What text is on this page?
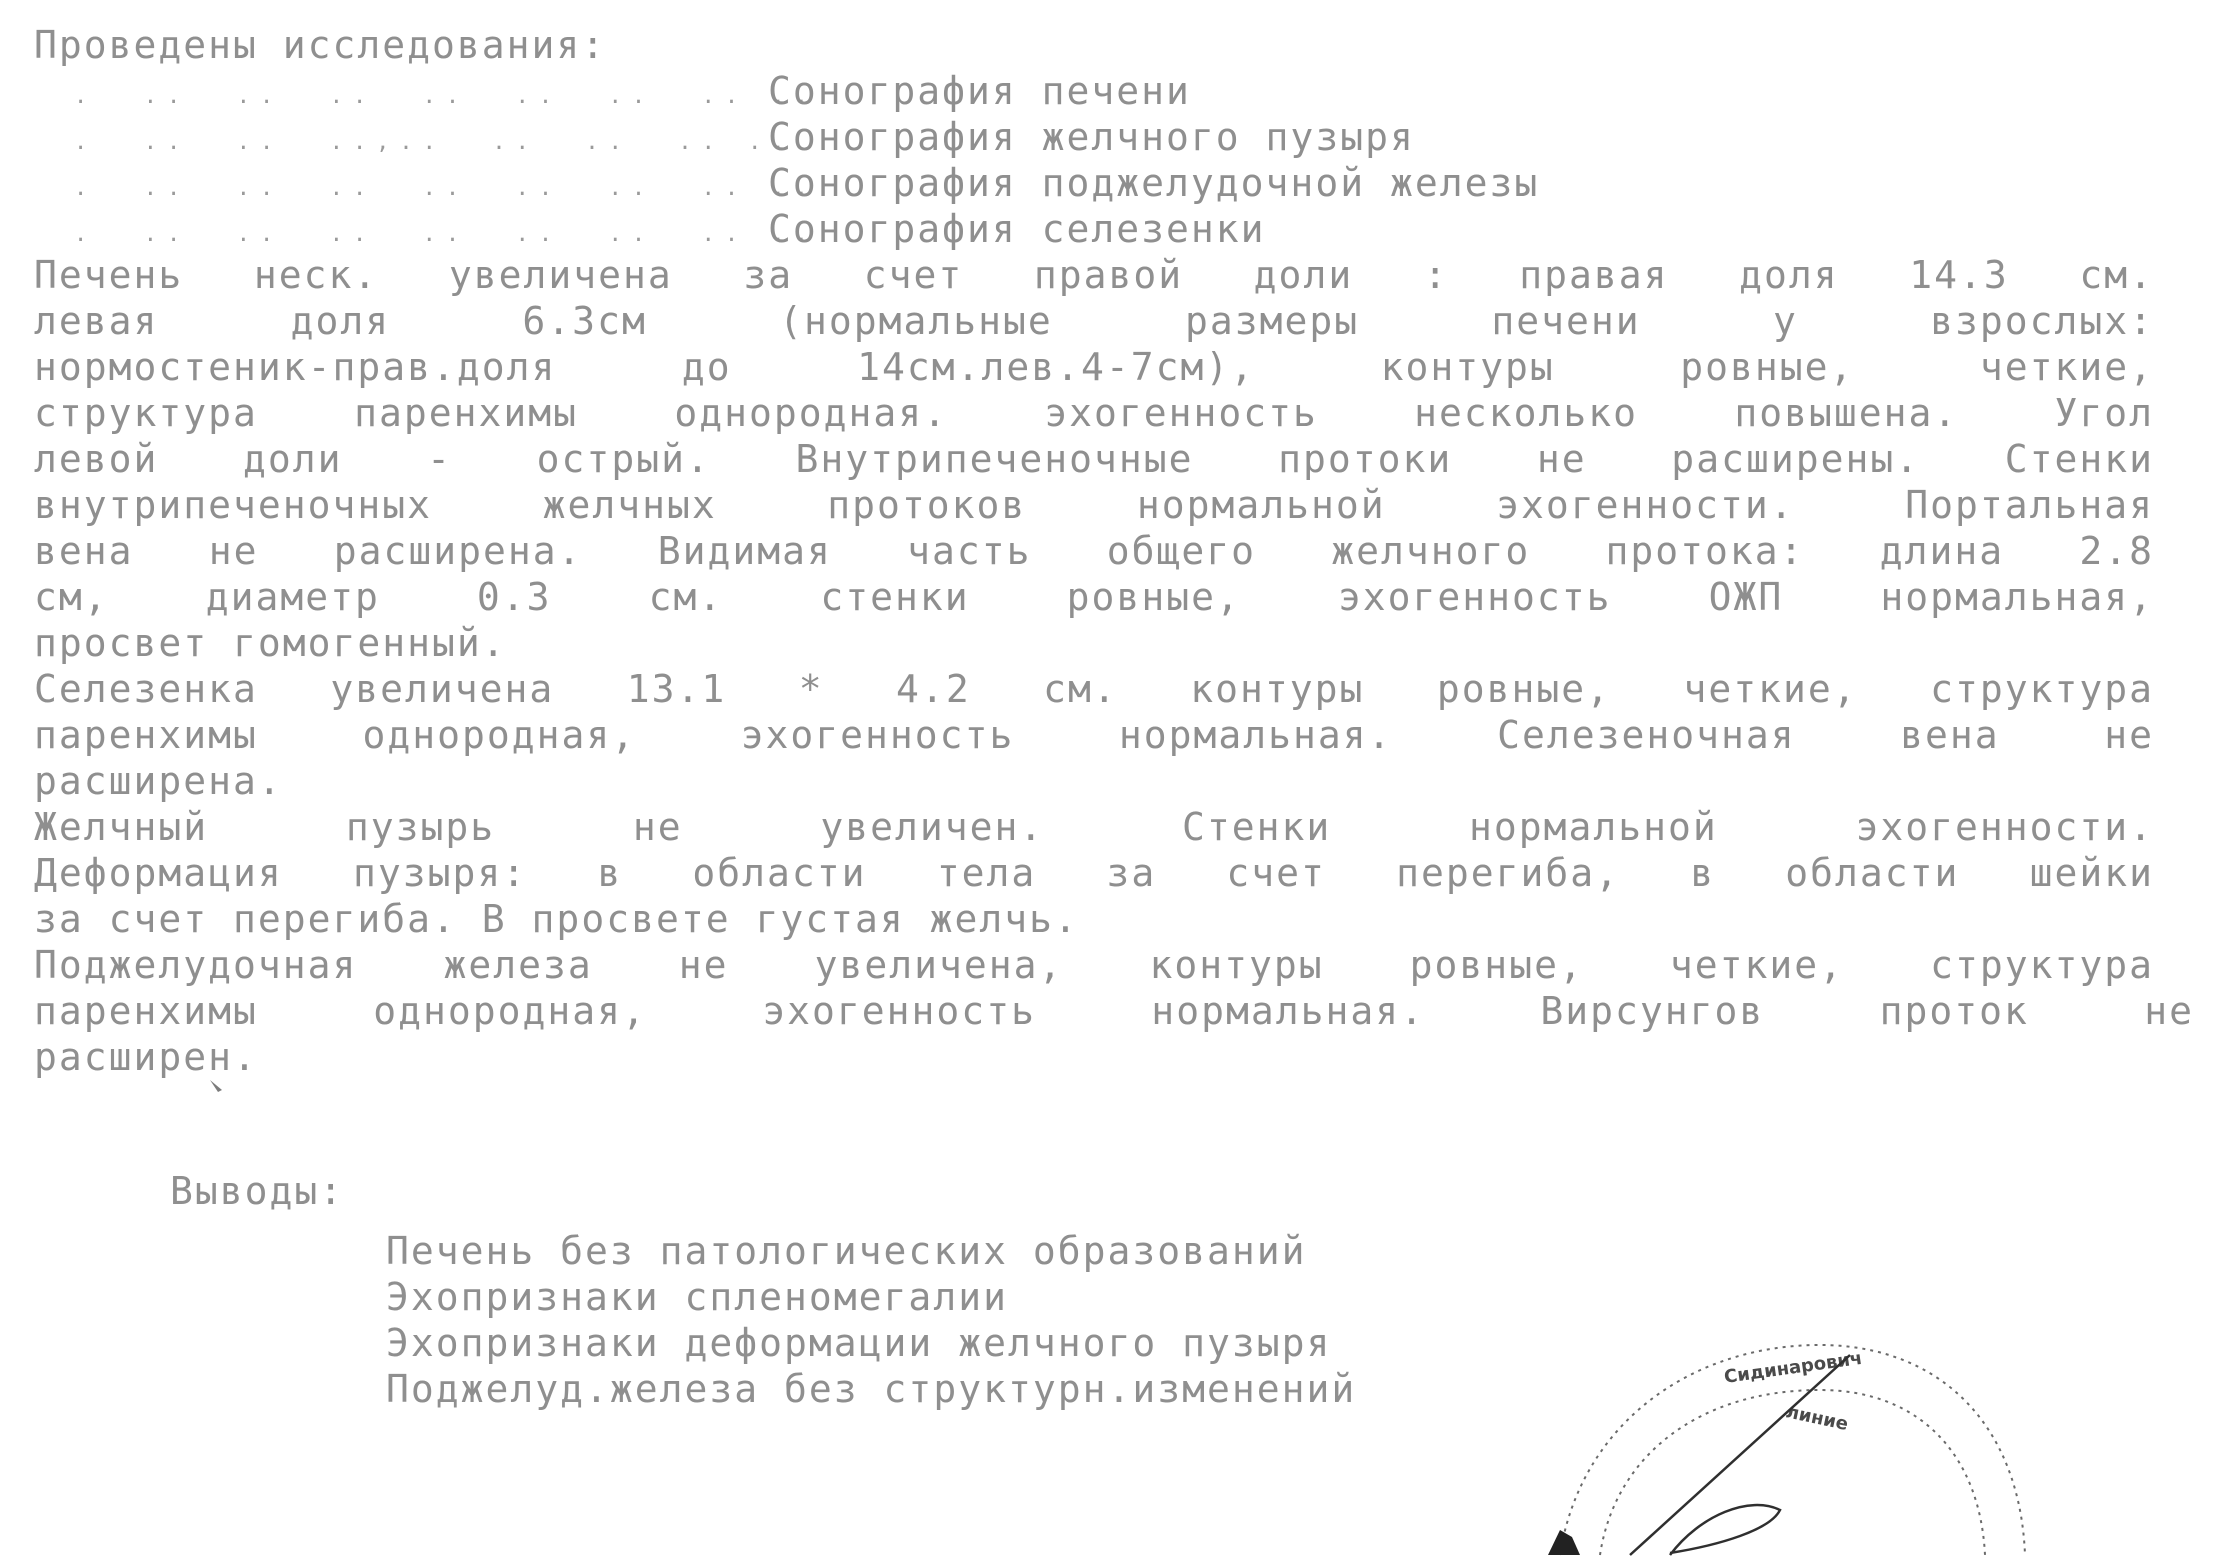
Проведены исследования:
.  ..  ..  ..  ..  ..  ..  .. ..
Сонография печени
.  ..  ..  ..,..  ..  ..  .. ..
Сонография желчного пузыря
.  ..  ..  ..  ..  ..  ..  .. ..
Сонография поджелудочной железы
.  ..  ..  ..  ..  ..  ..  .. ..
Сонография селезенки
Печень неск. увеличена за счет правой доли : правая доля 14.3 см.
левая доля 6.3см (нормальные размеры печени у взрослых:
нормостеник-прав.доля до 14см.лев.4-7см), контуры ровные, четкие,
структура паренхимы однородная. эхогенность несколько повышена. Угол
левой доли - острый. Внутрипеченочные протоки не расширены. Стенки
внутрипеченочных желчных протоков нормальной эхогенности. Портальная
вена не расширена. Видимая часть общего желчного протока: длина 2.8
см, диаметр 0.3 см. стенки ровные, эхогенность ОЖП нормальная,
просвет гомогенный.
Селезенка увеличена 13.1 * 4.2 см. контуры ровные, четкие, структура
паренхимы однородная, эхогенность нормальная. Селезеночная вена не
расширена.
Желчный пузырь не увеличен. Стенки нормальной эхогенности.
Деформация пузыря: в области тела за счет перегиба, в области шейки
за счет перегиба. В просвете густая желчь.
Поджелудочная железа не увеличена, контуры ровные, четкие, структура
паренхимы однородная, эхогенность нормальная. Вирсунгов проток не
расширен.
Выводы:
Печень без патологических образований
Эхопризнаки спленомегалии
Эхопризнаки деформации желчного пузыря
Поджелуд.железа без структурн.изменений	Сидинарович
линие
